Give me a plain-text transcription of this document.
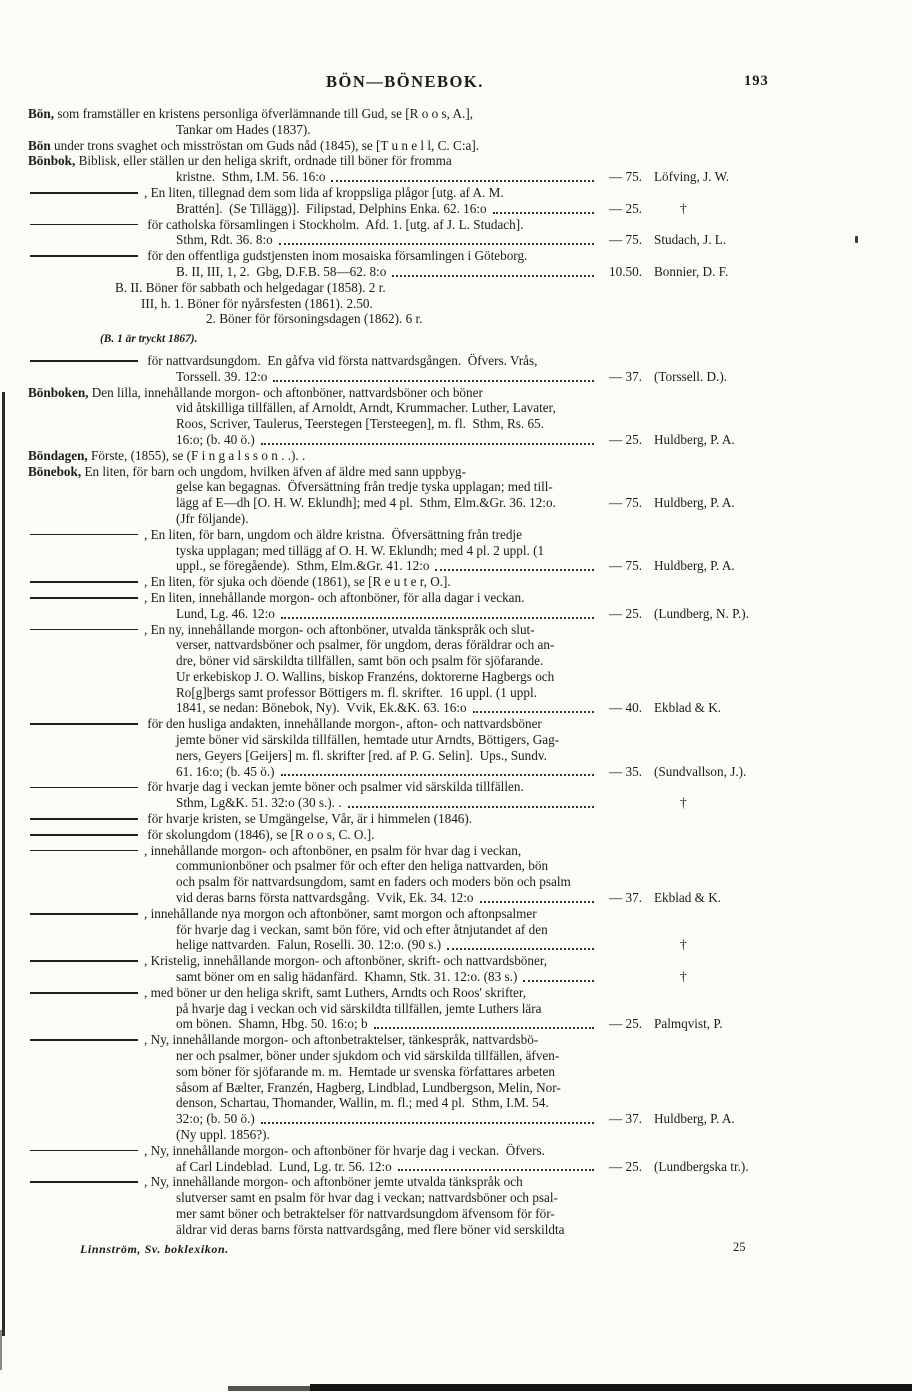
BÖN—BÖNEBOK.	193
Bön, som framställer en kristens personliga öfverlämnande till Gud, se [R o o s, A.],
Tankar om Hades (1837).
Bön under trons svaghet och misströstan om Guds nåd (1845), se [T u n e l l, C. C:a].
Bönbok, Biblisk, eller ställen ur den heliga skrift, ordnade till böner för fromma
kristne.  Sthm, I.M. 56. 16:o	— 75. Löfving, J. W.
, En liten, tillegnad dem som lida af kroppsliga plågor [utg. af A. M.
Brattén].  (Se Tillägg)].  Filipstad, Delphins Enka. 62. 16:o	— 25.	†
för catholska församlingen i Stockholm.  Afd. 1. [utg. af J. L. Studach].
Sthm, Rdt. 36. 8:o	— 75. Studach, J. L.
för den offentliga gudstjensten inom mosaiska församlingen i Göteborg.
B. II, III, 1, 2.  Gbg, D.F.B. 58—62. 8:o	10.50. Bonnier, D. F.
B. II. Böner för sabbath och helgedagar (1858). 2 r.
III, h. 1. Böner för nyårsfesten (1861). 2.50.
2. Böner för försoningsdagen (1862). 6 r.
(B. 1 är tryckt 1867).
för nattvardsungdom.  En gåfva vid första nattvardsgången.  Öfvers. Vrås,
Torssell. 39. 12:o	— 37. (Torssell. D.).
Bönboken, Den lilla, innehållande morgon- och aftonböner, nattvardsböner och böner
vid åtskilliga tillfällen, af Arnoldt, Arndt, Krummacher. Luther, Lavater,
Roos, Scriver, Taulerus, Teerstegen [Tersteegen], m. fl.  Sthm, Rs. 65.
16:o; (b. 40 ö.)	— 25. Huldberg, P. A.
Böndagen, Förste, (1855), se (F i n g a l s s o n . .). .
Bönebok, En liten, för barn och ungdom, hvilken äfven af äldre med sann uppbyg-
gelse kan begagnas.  Öfversättning från tredje tyska upplagan; med till-
lägg af E—dh [O. H. W. Eklundh]; med 4 pl.  Sthm, Elm.&Gr. 36. 12:o.	— 75. Huldberg, P. A.
(Jfr följande).
, En liten, för barn, ungdom och äldre kristna.  Öfversättning från tredje
tyska upplagan; med tillägg af O. H. W. Eklundh; med 4 pl. 2 uppl. (1
uppl., se föregående).  Sthm, Elm.&Gr. 41. 12:o	— 75. Huldberg, P. A.
, En liten, för sjuka och döende (1861), se [R e u t e r, O.].
, En liten, innehållande morgon- och aftonböner, för alla dagar i veckan.
Lund, Lg. 46. 12:o	— 25. (Lundberg, N. P.).
, En ny, innehållande morgon- och aftonböner, utvalda tänkspråk och slut-
verser, nattvardsböner och psalmer, för ungdom, deras föräldrar och an-
dre, böner vid särskildta tillfällen, samt bön och psalm för sjöfarande.
Ur erkebiskop J. O. Wallins, biskop Franzéns, doktorerne Hagbergs och
Ro[g]bergs samt professor Böttigers m. fl. skrifter.  16 uppl. (1 uppl.
1841, se nedan: Bönebok, Ny).  Vvik, Ek.&K. 63. 16:o	— 40. Ekblad & K.
för den husliga andakten, innehållande morgon-, afton- och nattvardsböner
jemte böner vid särskilda tillfällen, hemtade utur Arndts, Böttigers, Gag-
ners, Geyers [Geijers] m. fl. skrifter [red. af P. G. Selin].  Ups., Sundv.
61. 16:o; (b. 45 ö.)	— 35. (Sundvallson, J.).
för hvarje dag i veckan jemte böner och psalmer vid särskilda tillfällen.
Sthm, Lg&K. 51. 32:o (30 s.). .	†
för hvarje kristen, se Umgängelse, Vår, är i himmelen (1846).
för skolungdom (1846), se [R o o s, C. O.].
, innehållande morgon- och aftonböner, en psalm för hvar dag i veckan,
communionböner och psalmer för och efter den heliga nattvarden, bön
och psalm för nattvardsungdom, samt en faders och moders bön och psalm
vid deras barns första nattvardsgång.  Vvik, Ek. 34. 12:o	— 37. Ekblad & K.
, innehållande nya morgon och aftonböner, samt morgon och aftonpsalmer
för hvarje dag i veckan, samt bön före, vid och efter åtnjutandet af den
helige nattvarden.  Falun, Roselli. 30. 12:o. (90 s.)	†
, Kristelig, innehållande morgon- och aftonböner, skrift- och nattvardsböner,
samt böner om en salig hädanfärd.  Khamn, Stk. 31. 12:o. (83 s.)	†
, med böner ur den heliga skrift, samt Luthers, Arndts och Roos' skrifter,
på hvarje dag i veckan och vid särskildta tillfällen, jemte Luthers lära
om bönen.  Shamn, Hbg. 50. 16:o; b	— 25. Palmqvist, P.
, Ny, innehållande morgon- och aftonbetraktelser, tänkespråk, nattvardsbö-
ner och psalmer, böner under sjukdom och vid särskilda tillfällen, äfven-
som böner för sjöfarande m. m.  Hemtade ur svenska författares arbeten
såsom af Bælter, Franzén, Hagberg, Lindblad, Lundbergson, Melin, Nor-
denson, Schartau, Thomander, Wallin, m. fl.; med 4 pl.  Sthm, I.M. 54.
32:o; (b. 50 ö.)	— 37. Huldberg, P. A.
(Ny uppl. 1856?).
, Ny, innehållande morgon- och aftonböner för hvarje dag i veckan.  Öfvers.
af Carl Lindeblad.  Lund, Lg. tr. 56. 12:o	— 25. (Lundbergska tr.).
, Ny, innehållande morgon- och aftonböner jemte utvalda tänkspråk och
slutverser samt en psalm för hvar dag i veckan; nattvardsböner och psal-
mer samt böner och betraktelser för nattvardsungdom äfvensom för för-
äldrar vid deras barns första nattvardsgång, med flere böner vid serskildta
Linnström, Sv. boklexikon.	25
